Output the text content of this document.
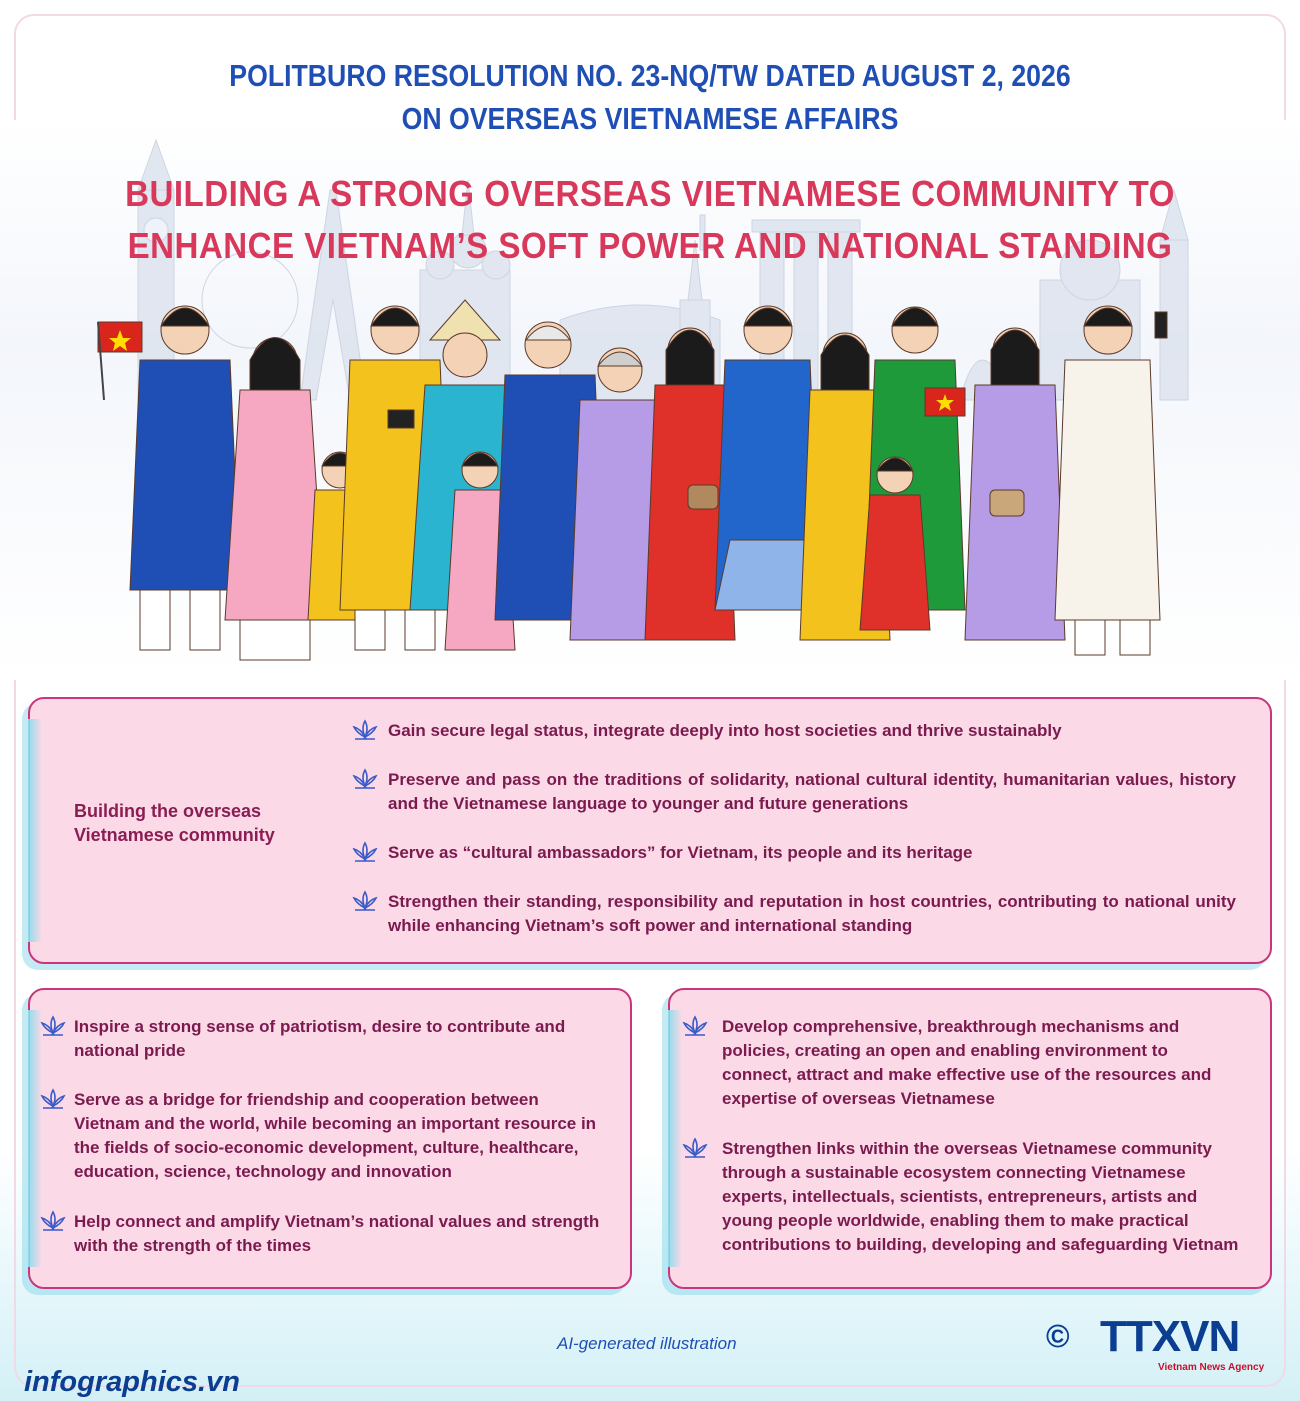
POLITBURO RESOLUTION NO. 23-NQ/TW DATED AUGUST 2, 2026
ON OVERSEAS VIETNAMESE AFFAIRS
BUILDING A STRONG OVERSEAS VIETNAMESE COMMUNITY TO
ENHANCE VIETNAM’S SOFT POWER AND NATIONAL STANDING
Building the overseas Vietnamese community
Gain secure legal status, integrate deeply into host societies and thrive sustainably
Preserve and pass on the traditions of solidarity, national cultural identity, humanitarian values, history and the Vietnamese language to younger and future generations
Serve as “cultural ambassadors” for Vietnam, its people and its heritage
Strengthen their standing, responsibility and reputation in host countries, contributing to national unity while enhancing Vietnam’s soft power and international standing
Inspire a strong sense of patriotism, desire to contribute and national pride
Serve as a bridge for friendship and cooperation between Vietnam and the world, while becoming an important resource in the fields of socio-economic development, culture, healthcare, education, science, technology and innovation
Help connect and amplify Vietnam’s national values and strength with the strength of the times
Develop comprehensive, breakthrough mechanisms and policies, creating an open and enabling environment to connect, attract and make effective use of the resources and expertise of overseas Vietnamese
Strengthen links within the overseas Vietnamese community through a sustainable ecosystem connecting Vietnamese experts, intellectuals, scientists, entrepreneurs, artists and young people worldwide, enabling them to make practical contributions to building, developing and safeguarding Vietnam
AI-generated illustration
infographics.vn
© TTXVN
Vietnam News Agency
